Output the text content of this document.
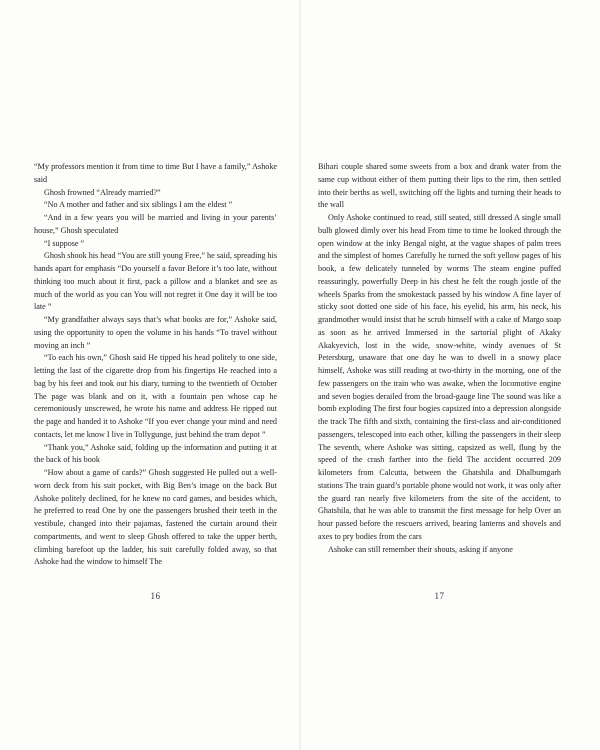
“My professors mention it from time to time But I have a family,” Ashoke said

Ghosh frowned “Already married?”

“No A mother and father and six siblings I am the eldest ”

“And in a few years you will be married and living in your parents’ house,” Ghosh speculated

“I suppose ”

Ghosh shook his head “You are still young Free,” he said, spreading his hands apart for emphasis “Do yourself a favor Before it’s too late, without thinking too much about it first, pack a pillow and a blanket and see as much of the world as you can You will not regret it One day it will be too late ”

“My grandfather always says that’s what books are for,” Ashoke said, using the opportunity to open the volume in his hands “To travel without moving an inch ”

“To each his own,” Ghosh said He tipped his head politely to one side, letting the last of the cigarette drop from his fingertips He reached into a bag by his feet and took out his diary, turning to the twentieth of October The page was blank and on it, with a fountain pen whose cap he ceremoniously unscrewed, he wrote his name and address He ripped out the page and handed it to Ashoke “If you ever change your mind and need contacts, let me know I live in Tollygunge, just behind the tram depot ”

“Thank you,” Ashoke said, folding up the information and putting it at the back of his book

“How about a game of cards?” Ghosh suggested He pulled out a well-worn deck from his suit pocket, with Big Ben’s image on the back But Ashoke politely declined, for he knew no card games, and besides which, he preferred to read One by one the passengers brushed their teeth in the vestibule, changed into their pajamas, fastened the curtain around their compartments, and went to sleep Ghosh offered to take the upper berth, climbing barefoot up the ladder, his suit carefully folded away, so that Ashoke had the window to himself The

16

Bihari couple shared some sweets from a box and drank water from the same cup without either of them putting their lips to the rim, then settled into their berths as well, switching off the lights and turning their heads to the wall

Only Ashoke continued to read, still seated, still dressed A single small bulb glowed dimly over his head From time to time he looked through the open window at the inky Bengal night, at the vague shapes of palm trees and the simplest of homes Carefully he turned the soft yellow pages of his book, a few delicately tunneled by worms The steam engine puffed reassuringly, powerfully Deep in his chest he felt the rough jostle of the wheels Sparks from the smokestack passed by his window A fine layer of sticky soot dotted one side of his face, his eyelid, his arm, his neck, his grandmother would insist that he scrub himself with a cake of Margo soap as soon as he arrived Immersed in the sartorial plight of Akaky Akakyevich, lost in the wide, snow-white, windy avenues of St Petersburg, unaware that one day he was to dwell in a snowy place himself, Ashoke was still reading at two-thirty in the morning, one of the few passengers on the train who was awake, when the locomotive engine and seven bogies derailed from the broad-gauge line The sound was like a bomb exploding The first four bogies capsized into a depression alongside the track The fifth and sixth, containing the first-class and air-conditioned passengers, telescoped into each other, killing the passengers in their sleep The seventh, where Ashoke was sitting, capsized as well, flung by the speed of the crash farther into the field The accident occurred 209 kilometers from Calcutta, between the Ghatshila and Dhalbumgarh stations The train guard’s portable phone would not work, it was only after the guard ran nearly five kilometers from the site of the accident, to Ghatshila, that he was able to transmit the first message for help Over an hour passed before the rescuers arrived, bearing lanterns and shovels and axes to pry bodies from the cars

Ashoke can still remember their shouts, asking if anyone

17
